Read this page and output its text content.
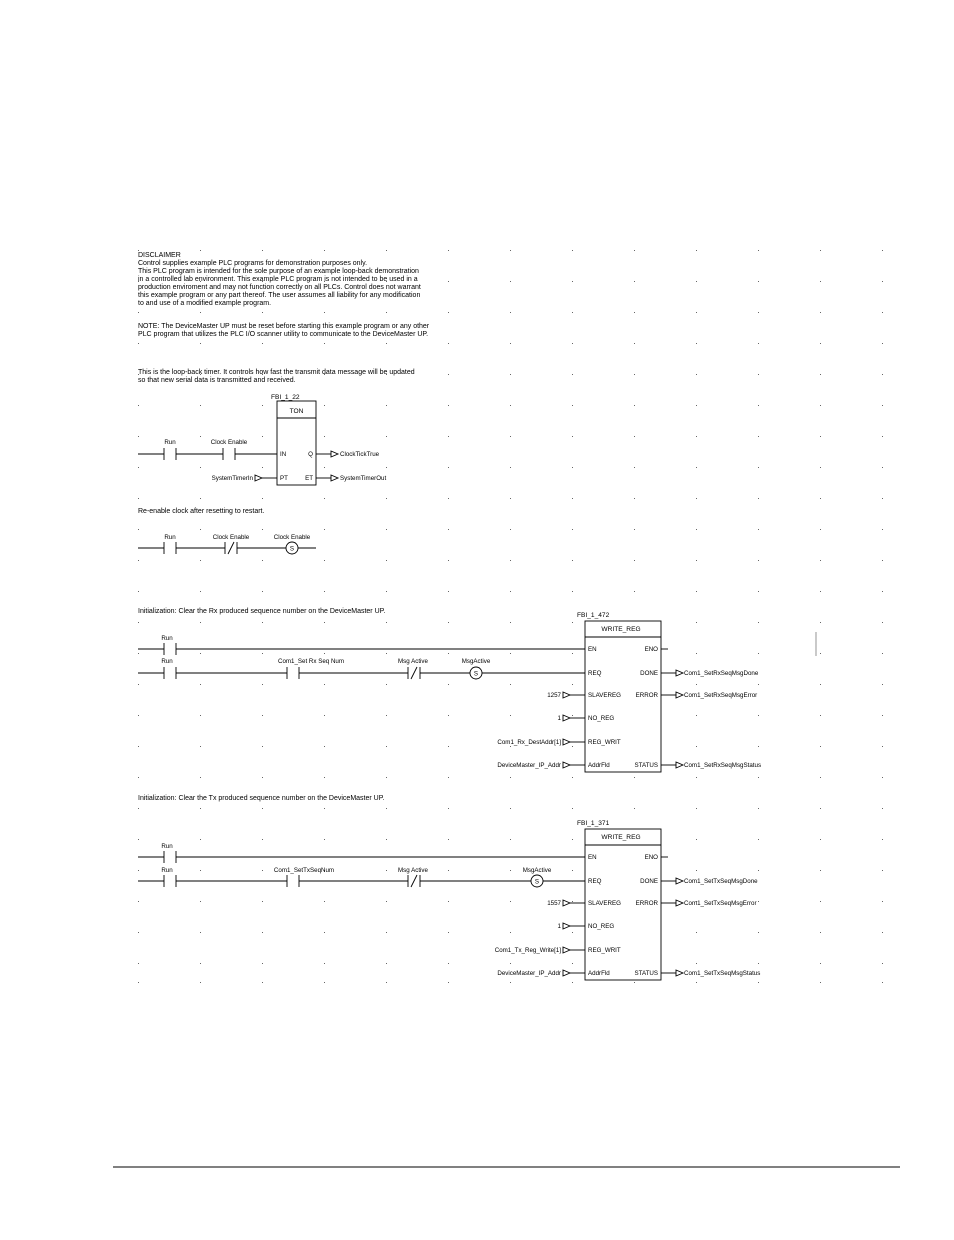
DISCLAIMER
Control supplies example PLC programs for demonstration purposes only.
This PLC program is intended for the sole purpose of an example loop-back demonstration
in a controlled lab environment. This example PLC program is not intended to be used in a
production enviroment and may not function correctly on all PLCs. Control does not warrant
this example program or any part thereof. The user assumes all liability for any modification
to and use of a modified example program.
NOTE: The DeviceMaster UP must be reset before starting this example program or any other
PLC program that utilizes the PLC I/O scanner utility to communicate to the DeviceMaster UP.
This is the loop-back timer. It controls how fast the transmit data message will be updated
so that new serial data is transmitted and received.
FBI_1_22
TON
Run	Clock Enable
IN
PT
Q
ET
SystemTimerIn
ClockTickTrue
SystemTimerOut
Re-enable clock after resetting to restart.
Run	Clock Enable
S
Clock Enable
Initialization: Clear the Rx produced sequence number on the DeviceMaster UP.
FBI_1_472
WRITE_REG
Run
Run	Com1_Set Rx Seq Num	Msg Active
S
MsgActive
EN
REQ
SLAVEREG
NO_REG
REG_WRIT
AddrFld
ENO
DONE
ERROR
STATUS
1257
1
Com1_Rx_DestAddr[1]
DeviceMaster_IP_Addr
Com1_SetRxSeqMsgDone
Com1_SetRxSeqMsgError
Com1_SetRxSeqMsgStatus
Initialization: Clear the Tx produced sequence number on the DeviceMaster UP.
FBI_1_371
WRITE_REG
Run
Run	Com1_SetTxSeqNum	Msg Active
S
MsgActive
EN
REQ
SLAVEREG
NO_REG
REG_WRIT
AddrFld
ENO
DONE
ERROR
STATUS
1557
1
Com1_Tx_Reg_Write[1]
DeviceMaster_IP_Addr
Com1_SetTxSeqMsgDone
Com1_SetTxSeqMsgError
Com1_SetTxSeqMsgStatus
